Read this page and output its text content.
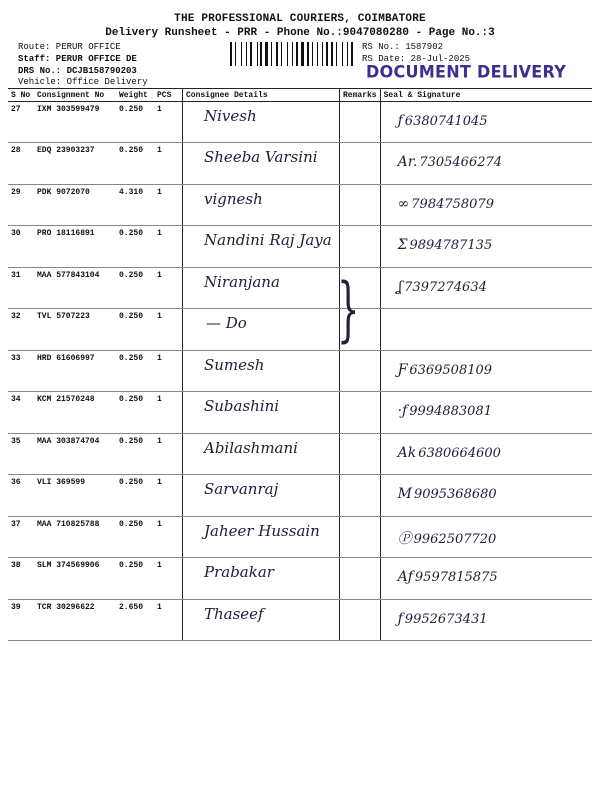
THE PROFESSIONAL COURIERS, COIMBATORE
Delivery Runsheet - PRR - Phone No.:9047080280 - Page No.:3
Route: PERUR OFFICE
Staff: PERUR OFFICE DE
DRS No.: DCJB158790203
Vehicle: Office Delivery
RS No.: 1587902
RS Date: 28-Jul-2025
DOCUMENT DELIVERY
S No	Consignment No	Weight	PCS	Consignee Details	Remarks	Seal & Signature
27	IXM 303599479	0.250	1	Nivesh		ƒ 6380741045

28	EDQ 23903237	0.250	1	Sheeba Varsini		Ar. 7305466274

29	PDK 9072070	4.310	1	vignesh		∞ 7984758079

30	PRO 18116891	0.250	1	Nandini Raj Jaya		Ʃ 9894787135

31	MAA 577843104	0.250	1	Niranjana		ʆ 7397274634

32	TVL 5707223	0.250	1	— Do		

33	HRD 61606997	0.250	1	Sumesh		Ƒ 6369508109

34	KCM 21570248	0.250	1	Subashini		·ƒ 9994883081

35	MAA 303874704	0.250	1	Abilashmani		Ak 6380664600

36	VLI 369599	0.250	1	Sarvanraj		M 9095368680

37	MAA 710825788	0.250	1	Jaheer Hussain		Ⓟ 9962507720

38	SLM 374569906	0.250	1	Prabakar		Aƒ 9597815875

39	TCR 30296622	2.650	1	Thaseef		ƒ 9952673431
}
